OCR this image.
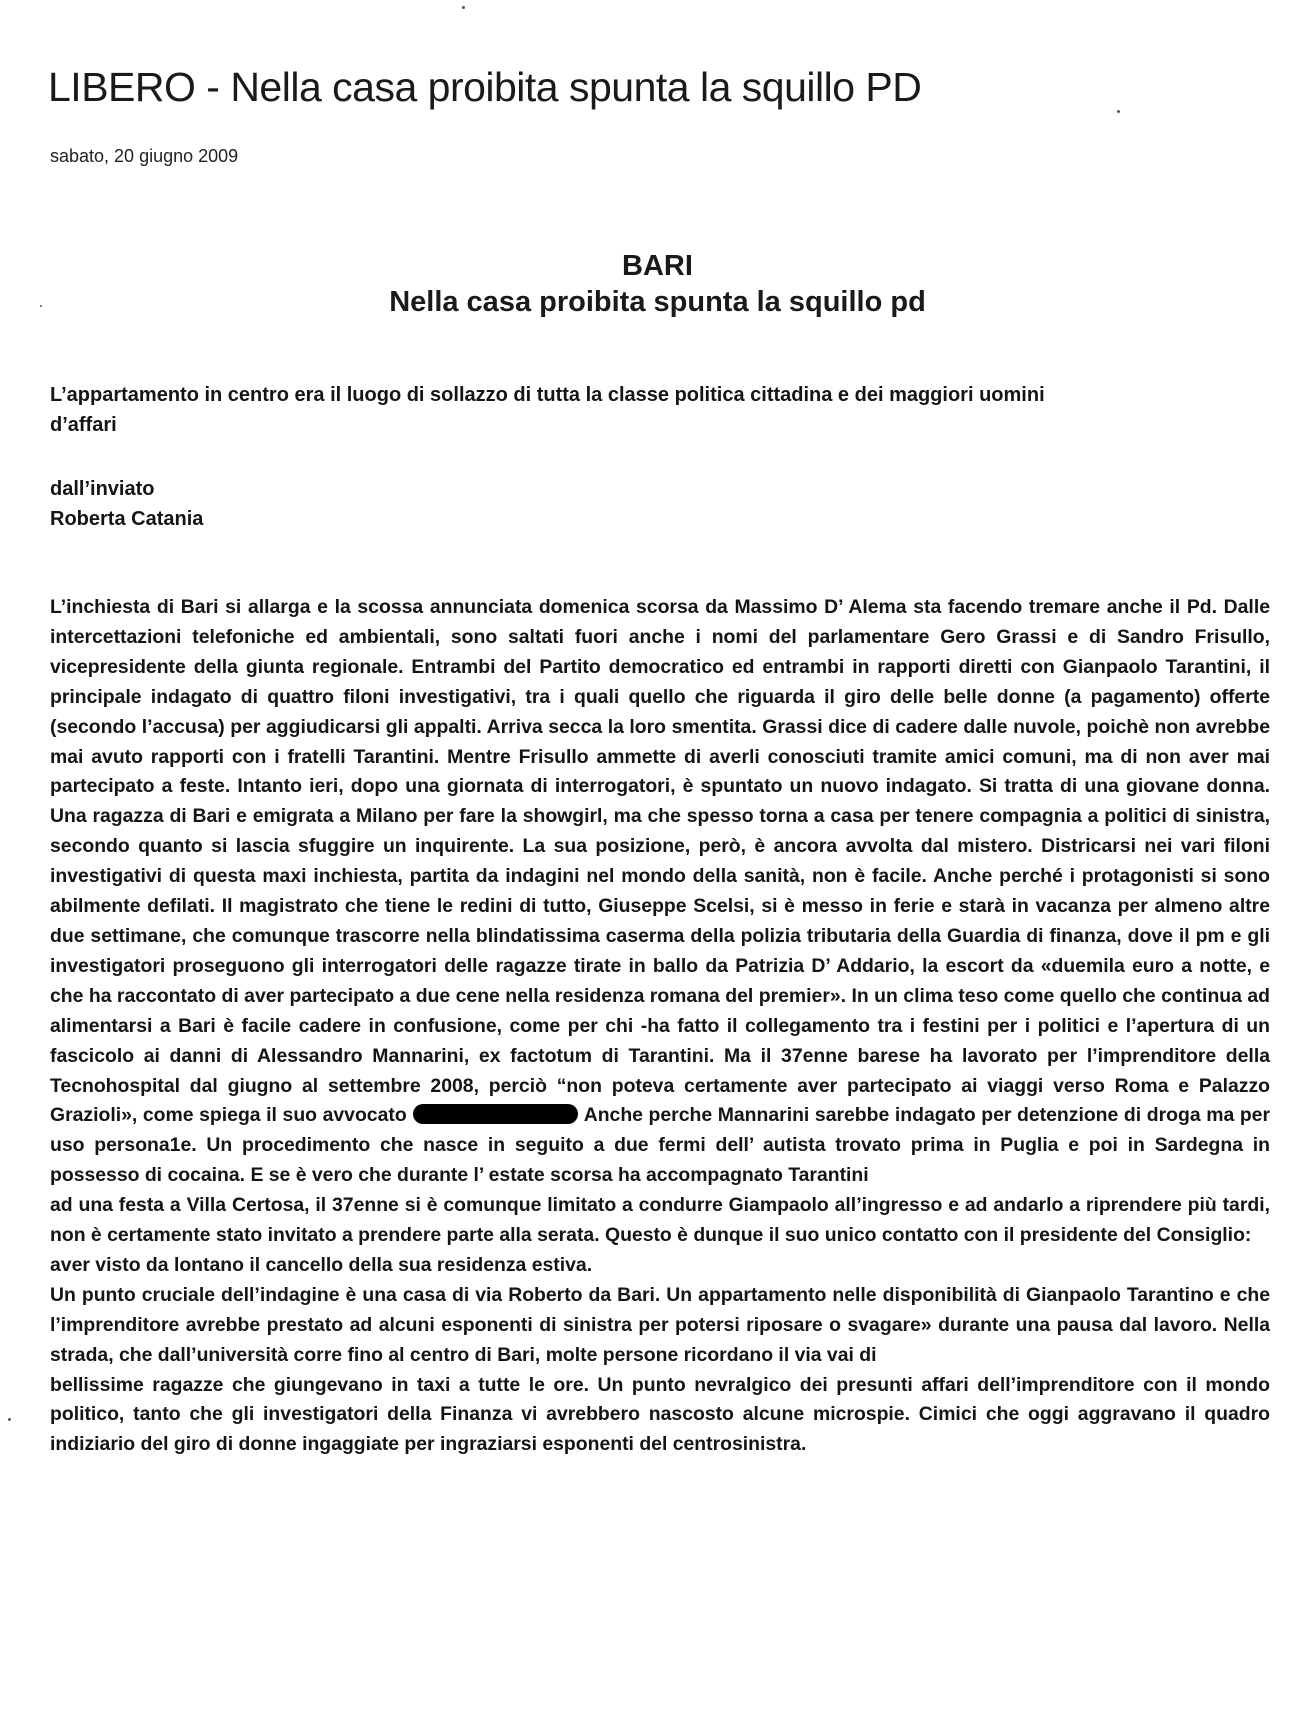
LIBERO - Nella casa proibita spunta la squillo PD
sabato, 20 giugno 2009
BARI
Nella casa proibita spunta la squillo pd
L’appartamento in centro era il luogo di sollazzo di tutta la classe politica cittadina e dei maggiori uomini
d’affari
dall’inviato
Roberta Catania

L’inchiesta di Bari si allarga e la scossa annunciata domenica scorsa da Massimo D’ Alema sta facendo tremare anche il Pd. Dalle intercettazioni telefoniche ed ambientali, sono saltati fuori anche i nomi del parlamentare Gero Grassi e di Sandro Frisullo, vicepresidente della giunta regionale. Entrambi del Partito democratico ed entrambi in rapporti diretti con Gianpaolo Tarantini, il principale indagato di quattro filoni investigativi, tra i quali quello che riguarda il giro delle belle donne (a pagamento) offerte (secondo l’accusa) per aggiudicarsi gli appalti. Arriva secca la loro smentita. Grassi dice di cadere dalle nuvole, poichè non avrebbe mai avuto rapporti con i fratelli Tarantini. Mentre Frisullo ammette di averli conosciuti tramite amici comuni, ma di non aver mai partecipato a feste. Intanto ieri, dopo una giornata di interrogatori, è spuntato un nuovo indagato. Si tratta di una giovane donna. Una ragazza di Bari e emigrata a Milano per fare la showgirl, ma che spesso torna a casa per tenere compagnia a politici di sinistra, secondo quanto si lascia sfuggire un inquirente. La sua posizione, però, è ancora avvolta dal mistero. Districarsi nei vari filoni investigativi di questa maxi inchiesta, partita da indagini nel mondo della sanità, non è facile. Anche perché i protagonisti si sono abilmente defilati. Il magistrato che tiene le redini di tutto, Giuseppe Scelsi, si è messo in ferie e starà in vacanza per almeno altre due settimane, che comunque trascorre nella blindatissima caserma della polizia tributaria della Guardia di finanza, dove il pm e gli investigatori proseguono gli interrogatori delle ragazze tirate in ballo da Patrizia D’ Addario, la escort da «duemila euro a notte, e che ha raccontato di aver partecipato a due cene nella residenza romana del premier». In un clima teso come quello che continua ad alimentarsi a Bari è facile cadere in confusione, come per chi -ha fatto il collegamento tra i festini per i politici e l’apertura di un fascicolo ai danni di Alessandro Mannarini, ex factotum di Tarantini. Ma il 37enne barese ha lavorato per l’imprenditore della Tecnohospital dal giugno al settembre 2008, perciò “non poteva certamente aver partecipato ai viaggi verso Roma e Palazzo Grazioli», come spiega il suo avvocato	Anche perche Mannarini sarebbe indagato per detenzione di droga ma per uso persona1e. Un procedimento che nasce in seguito a due fermi dell’ autista trovato prima in Puglia e poi in Sardegna in possesso di cocaina. E se è vero che durante l’ estate scorsa ha accompagnato Tarantini

ad una festa a Villa Certosa, il 37enne si è comunque limitato a condurre Giampaolo all’ingresso e ad andarlo a riprendere più tardi, non è certamente stato invitato a prendere parte alla serata. Questo è dunque il suo unico contatto con il presidente del Consiglio:

aver visto da lontano il cancello della sua residenza estiva.

Un punto cruciale dell’indagine è una casa di via Roberto da Bari. Un appartamento nelle disponibilità di Gianpaolo Tarantino e che l’imprenditore avrebbe prestato ad alcuni esponenti di sinistra per potersi riposare o svagare» durante una pausa dal lavoro. Nella strada, che dall’università corre fino al centro di Bari, molte persone ricordano il via vai di

bellissime ragazze che giungevano in taxi a tutte le ore. Un punto nevralgico dei presunti affari dell’imprenditore con il mondo politico, tanto che gli investigatori della Finanza vi avrebbero nascosto alcune microspie. Cimici che oggi aggravano il quadro indiziario del giro di donne ingaggiate per ingraziarsi esponenti del centrosinistra.
